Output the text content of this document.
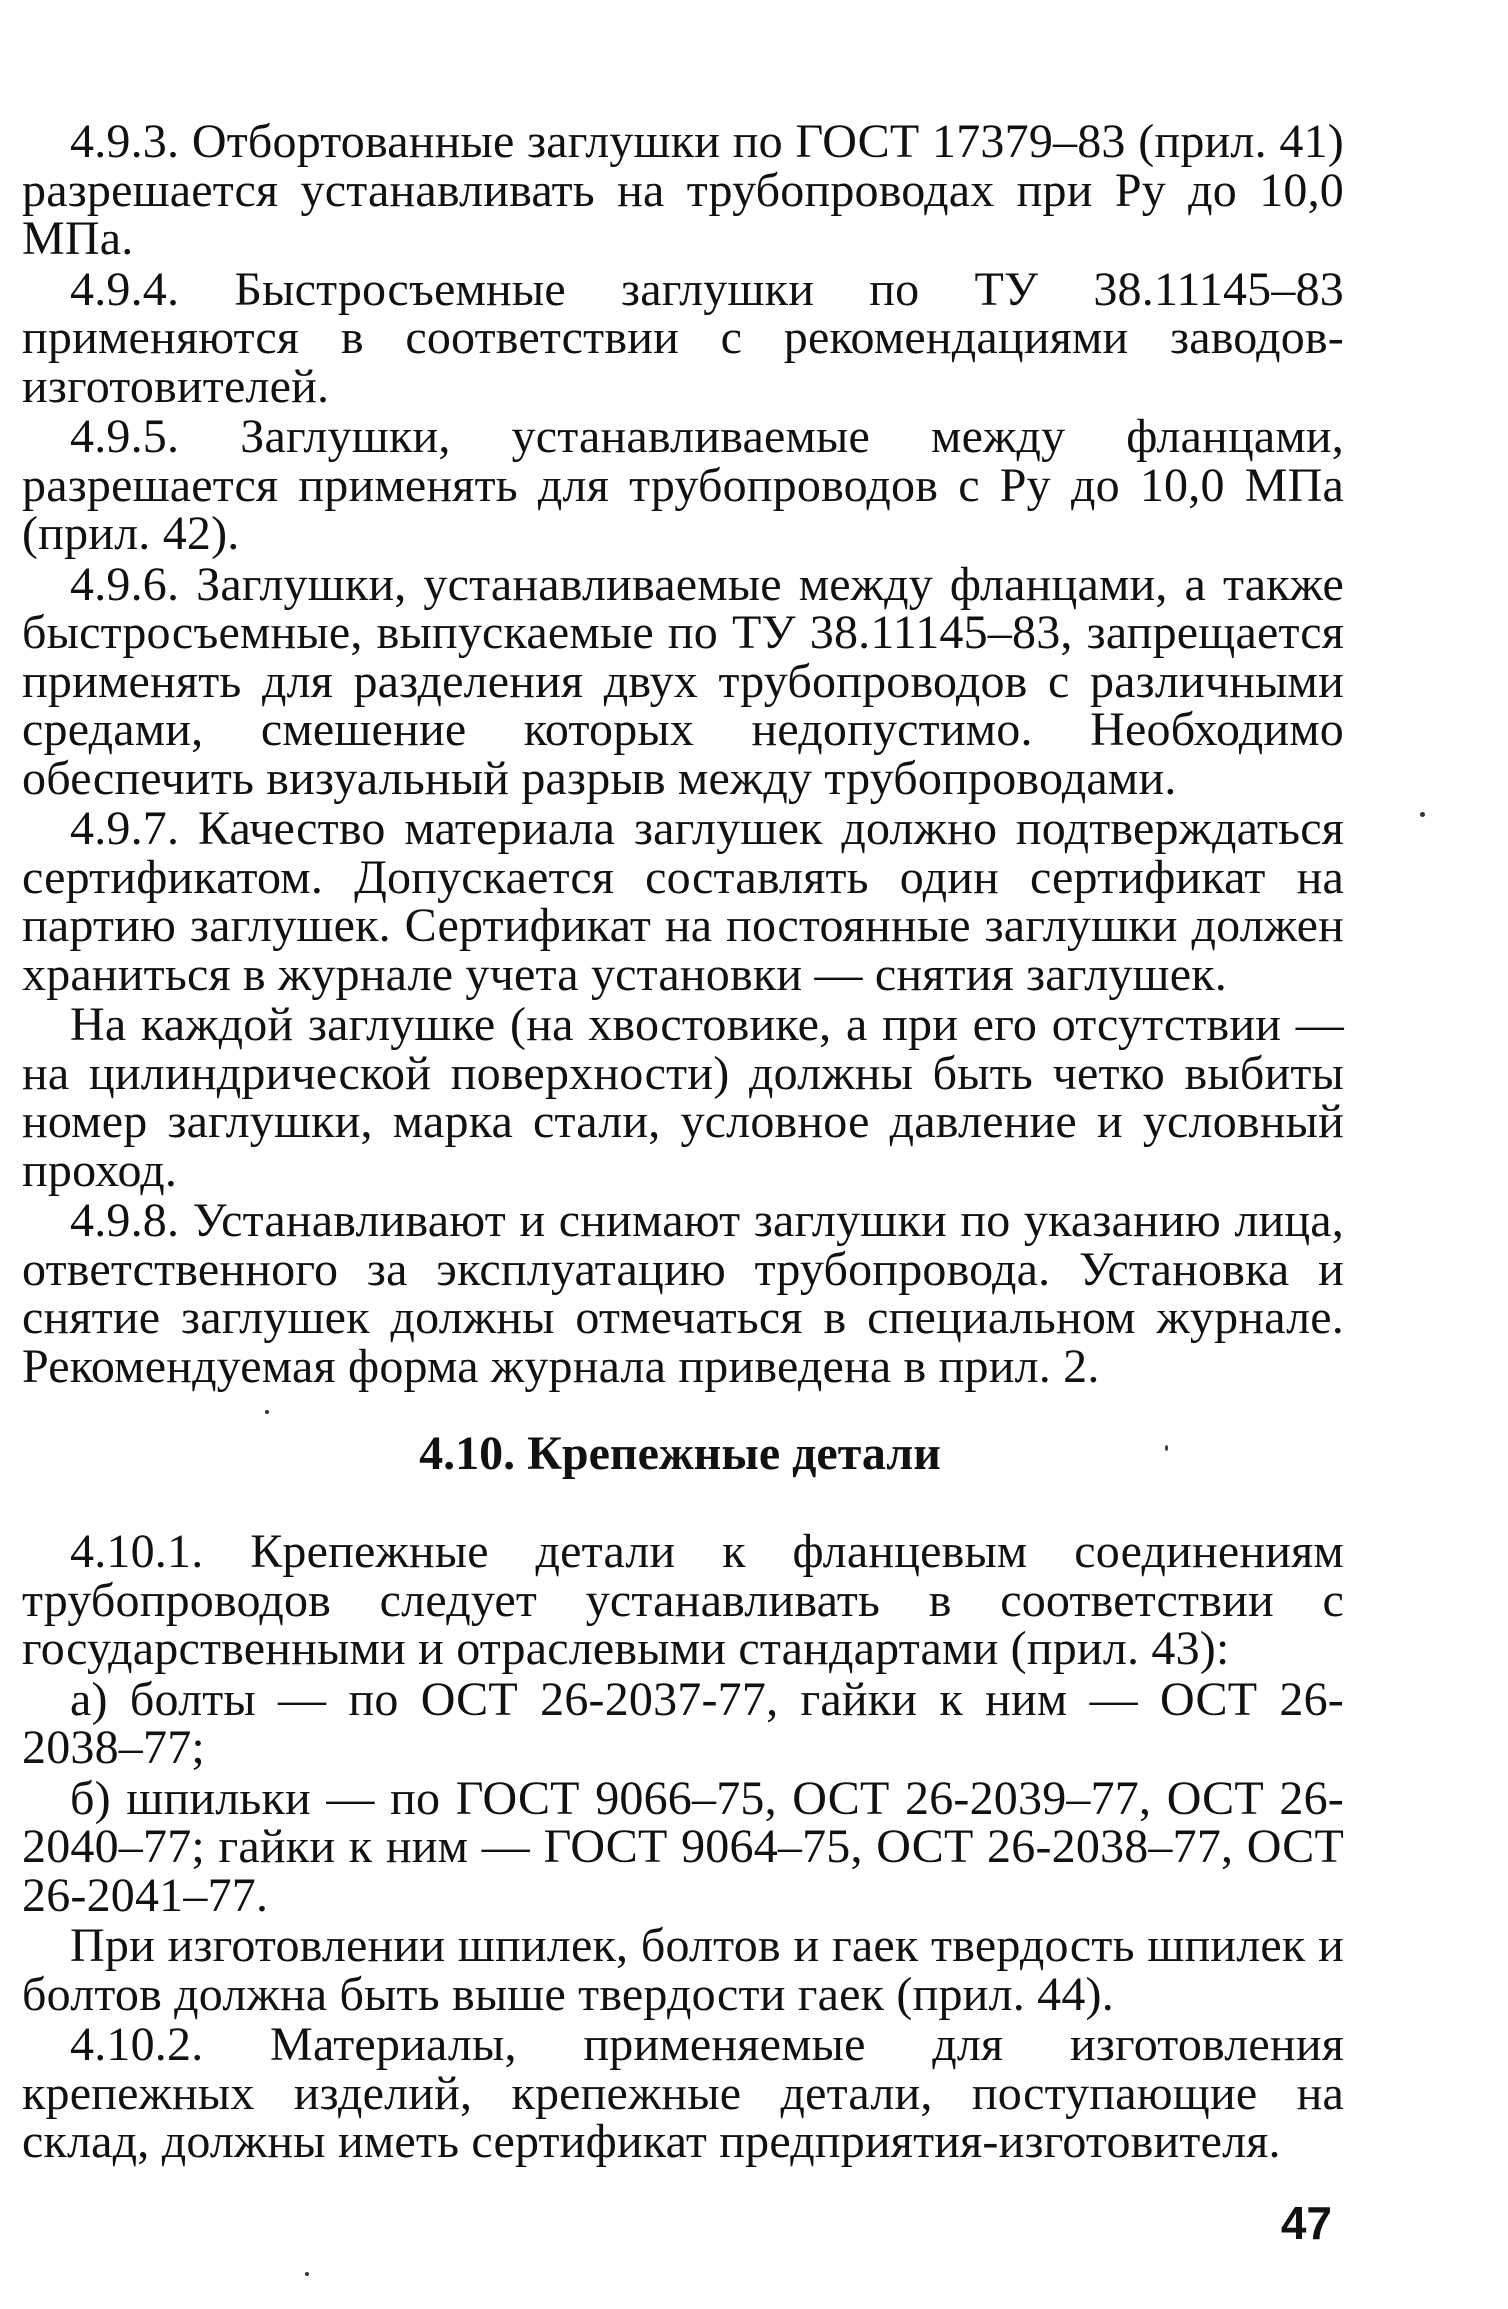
4.9.3. Отбортованные заглушки по ГОСТ 17379–83 (прил. 41) разрешается устанавливать на трубопроводах при Ру до 10,0 МПа.

4.9.4. Быстросъемные заглушки по ТУ 38.11145–83 применяются в соответствии с рекомендациями заводов-изготовителей.

4.9.5. Заглушки, устанавливаемые между фланцами, разрешается применять для трубопроводов с Ру до 10,0 МПа (прил. 42).

4.9.6. Заглушки, устанавливаемые между фланцами, а также быстросъемные, выпускаемые по ТУ 38.11145–83, запрещается применять для разделения двух трубопроводов с различными средами, смешение которых недопустимо. Необходимо обеспечить визуальный разрыв между трубопроводами.

4.9.7. Качество материала заглушек должно подтверждаться сертификатом. Допускается составлять один сертификат на партию заглушек. Сертификат на постоянные заглушки должен храниться в журнале учета установки — снятия заглушек.

На каждой заглушке (на хвостовике, а при его отсутствии — на цилиндрической поверхности) должны быть четко выбиты номер заглушки, марка стали, условное давление и условный проход.

4.9.8. Устанавливают и снимают заглушки по указанию лица, ответственного за эксплуатацию трубопровода. Установка и снятие заглушек должны отмечаться в специальном журнале. Рекомендуемая форма журнала приведена в прил. 2.

4.10. Крепежные детали

4.10.1. Крепежные детали к фланцевым соединениям трубопроводов следует устанавливать в соответствии с государственными и отраслевыми стандартами (прил. 43):

а) болты — по ОСТ 26-2037-77, гайки к ним — ОСТ 26-2038–77;

б) шпильки — по ГОСТ 9066–75, ОСТ 26-2039–77, ОСТ 26-2040–77; гайки к ним — ГОСТ 9064–75, ОСТ 26-2038–77, ОСТ 26-2041–77.

При изготовлении шпилек, болтов и гаек твердость шпилек и болтов должна быть выше твердости гаек (прил. 44).

4.10.2. Материалы, применяемые для изготовления крепежных изделий, крепежные детали, поступающие на склад, должны иметь сертификат предприятия-изготовителя.

47
